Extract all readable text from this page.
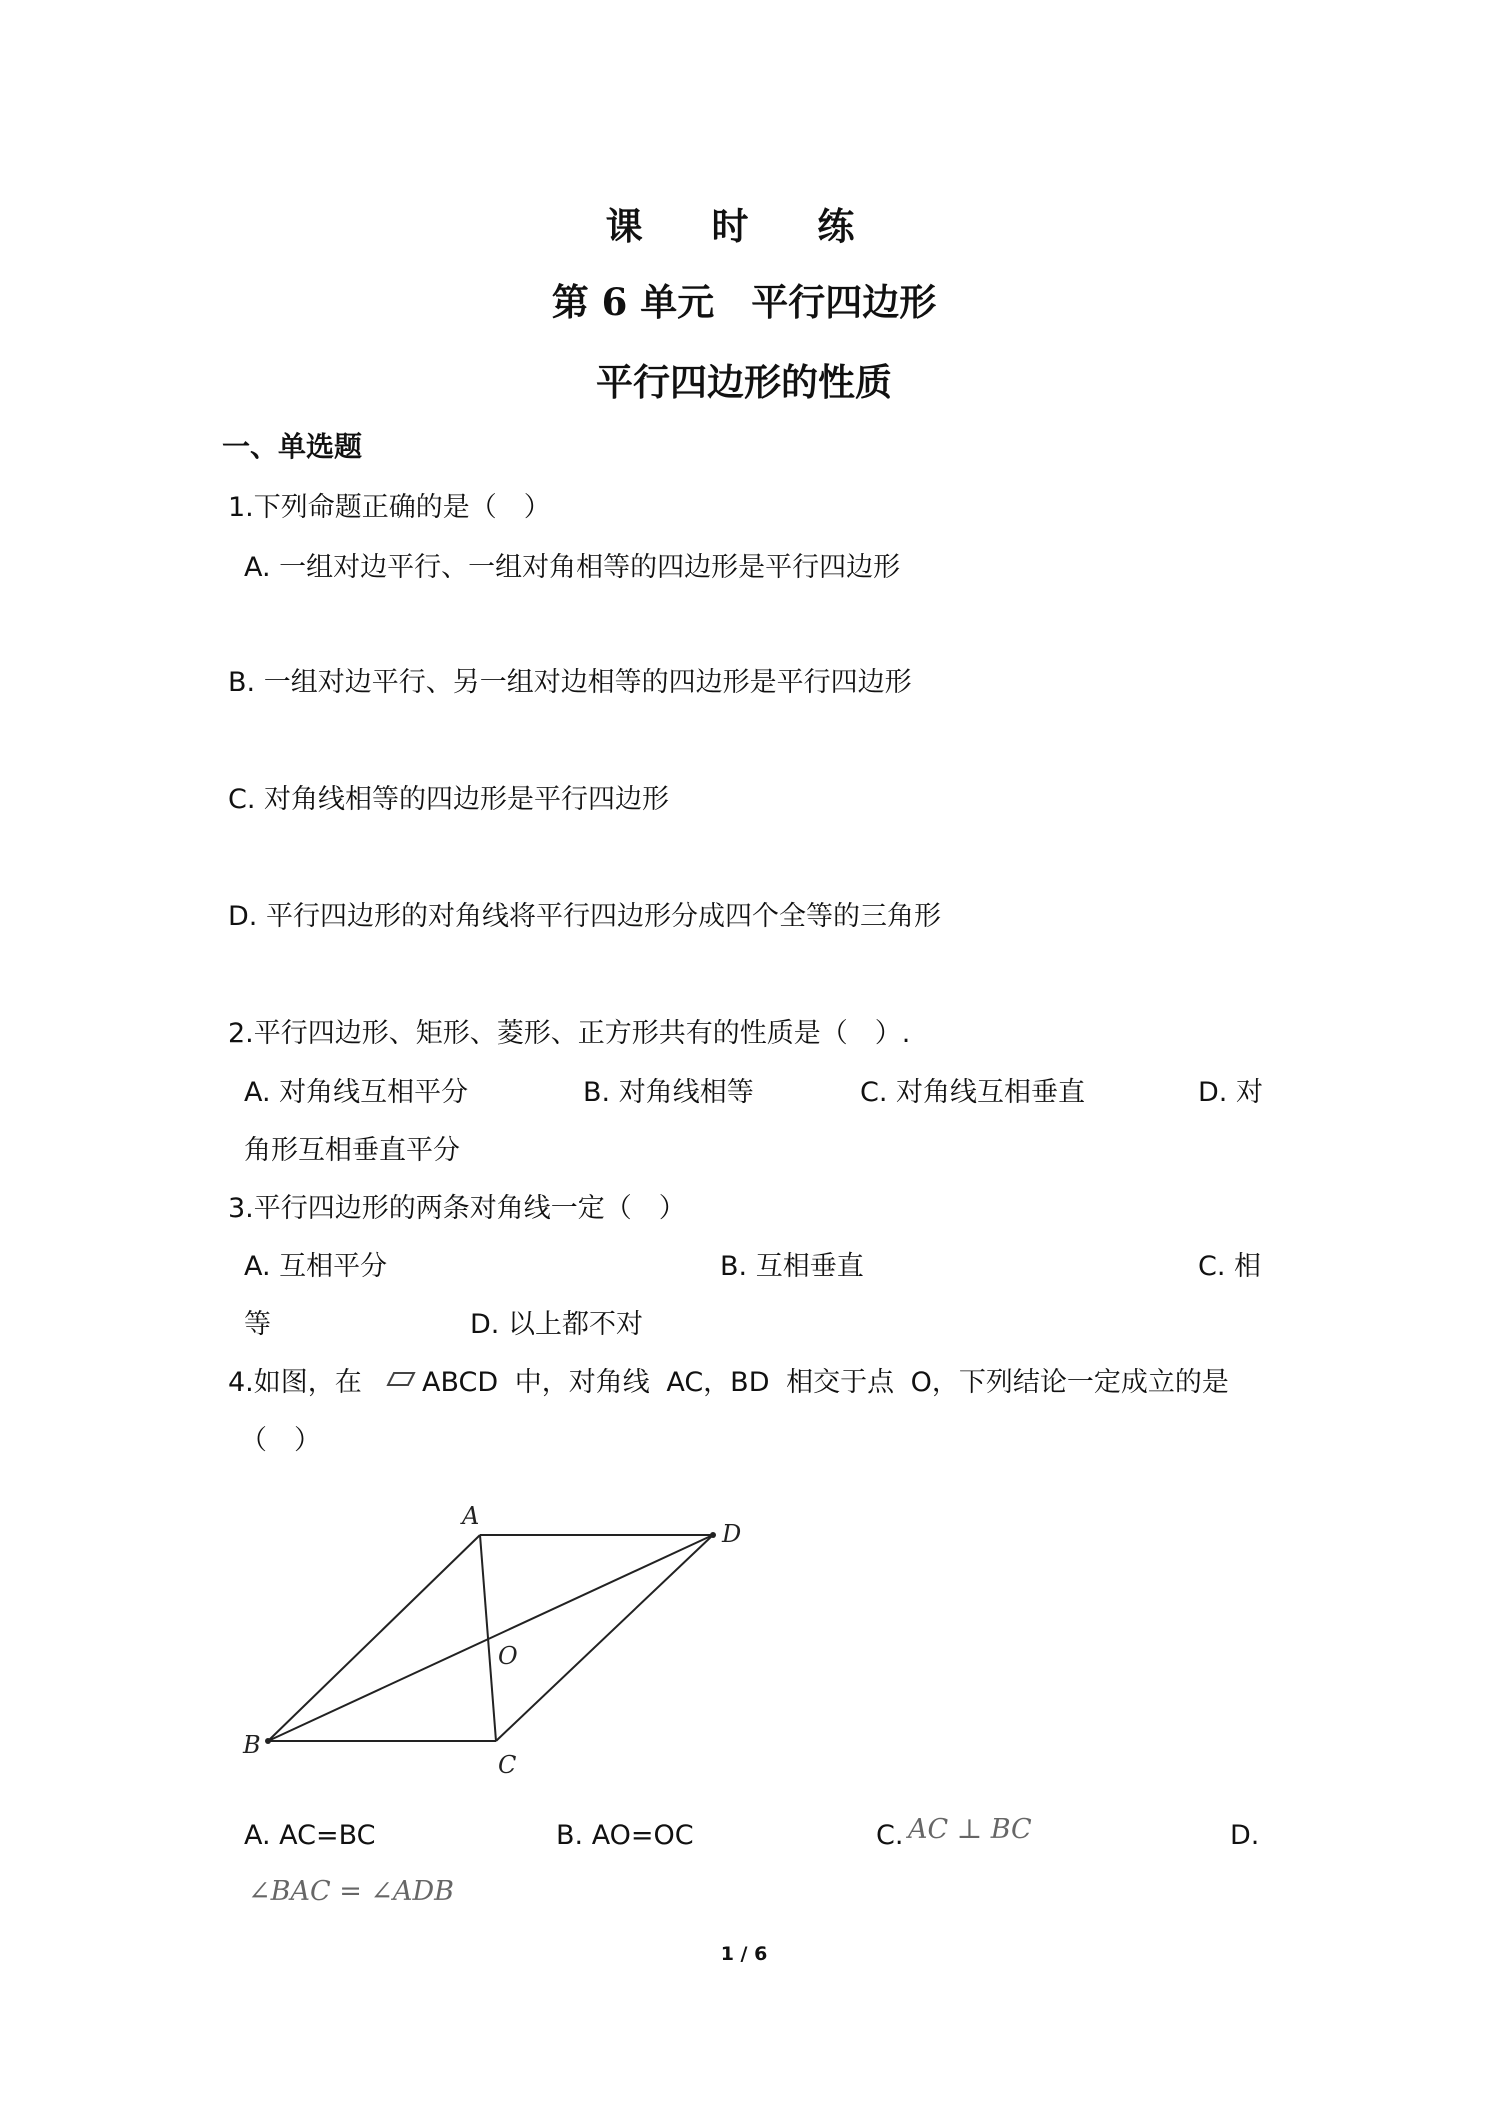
课 时 练
第 6 单元　平行四边形
平行四边形的性质
一、单选题
1.下列命题正确的是（　）
A. 一组对边平行、一组对角相等的四边形是平行四边形
B. 一组对边平行、另一组对边相等的四边形是平行四边形
C. 对角线相等的四边形是平行四边形
D. 平行四边形的对角线将平行四边形分成四个全等的三角形
2.平行四边形、矩形、菱形、正方形共有的性质是（　）.
A. 对角线互相平分	B. 对角线相等	C. 对角线互相垂直	D. 对
角形互相垂直平分
3.平行四边形的两条对角线一定（　）
A. 互相平分	B. 互相垂直	C. 相
等	D. 以上都不对
4.如图，在 ABCD 中，对角线 AC，BD 相交于点 O，下列结论一定成立的是
（　）
A
D
O
B
C
A. AC=BC	B. AO=OC	C. AC ⊥ BC	D.
∠BAC = ∠ADB
1 / 6
